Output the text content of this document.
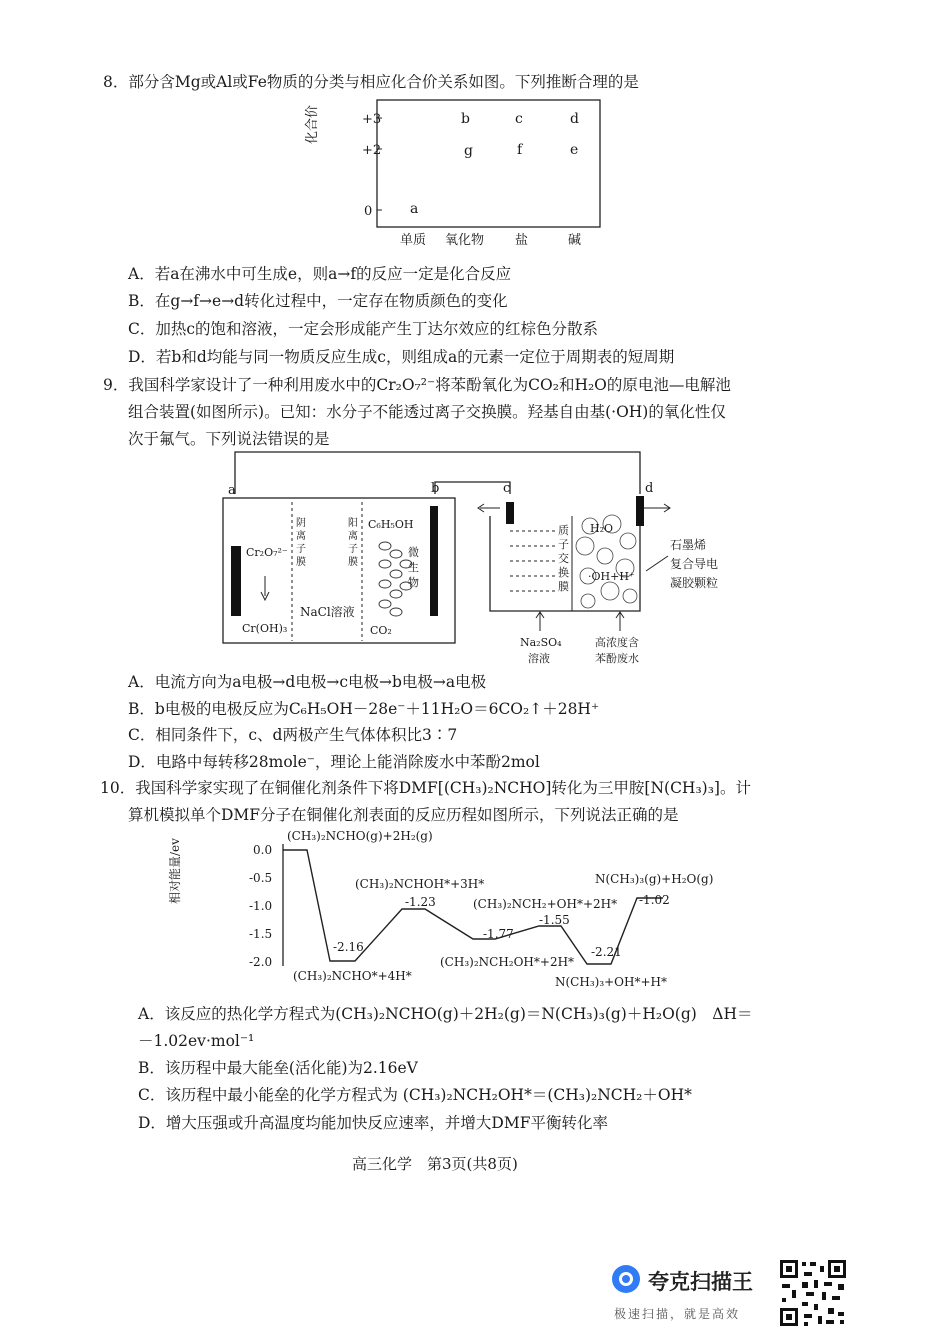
8．部分含Mg或Al或Fe物质的分类与相应化合价关系如图。下列推断合理的是
化合价	+3
+2
0	a
b	c	d
g	f	e
单质 氧化物 盐	碱
A．若a在沸水中可生成e，则a→f的反应一定是化合反应
B．在g→f→e→d转化过程中，一定存在物质颜色的变化
C．加热c的饱和溶液，一定会形成能产生丁达尔效应的红棕色分散系
D．若b和d均能与同一物质反应生成c，则组成a的元素一定位于周期表的短周期
9．我国科学家设计了一种利用废水中的Cr₂O₇²⁻将苯酚氧化为CO₂和H₂O的原电池—电解池
组合装置(如图所示)。已知：水分子不能透过离子交换膜。羟基自由基(·OH)的氧化性仅
次于氟气。下列说法错误的是
a	b	c	d
Cr₂O₇²⁻
Cr(OH)₃
NaCl溶液
C₆H₅OH
微
生
物
CO₂
阴
离
子
膜
阳
离
子
膜
质
子
交
换
膜
H₂O
·OH+H⁺
石墨烯
复合导电
凝胶颗粒
Na₂SO₄
溶液
高浓度含
苯酚废水
A．电流方向为a电极→d电极→c电极→b电极→a电极
B．b电极的电极反应为C₆H₅OH－28e⁻＋11H₂O＝6CO₂↑＋28H⁺
C．相同条件下，c、d两极产生气体体积比3∶7
D．电路中每转移28mole⁻，理论上能消除废水中苯酚2mol
10．我国科学家实现了在铜催化剂条件下将DMF[(CH₃)₂NCHO]转化为三甲胺[N(CH₃)₃]。计
算机模拟单个DMF分子在铜催化剂表面的反应历程如图所示，下列说法正确的是
相对能量/ev	0.0
-0.5
-1.0
-1.5
-2.0
(CH₃)₂NCHO(g)+2H₂(g)
(CH₃)₂NCHOH*+3H*
(CH₃)₂NCH₂+OH*+2H*
N(CH₃)₃(g)+H₂O(g)
-2.16
-1.23
-1.77
-1.55
-2.21
-1.02
(CH₃)₂NCHO*+4H*
(CH₃)₂NCH₂OH*+2H*
N(CH₃)₃+OH*+H*
A．该反应的热化学方程式为(CH₃)₂NCHO(g)＋2H₂(g)＝N(CH₃)₃(g)＋H₂O(g)　ΔH＝
－1.02ev·mol⁻¹
B．该历程中最大能垒(活化能)为2.16eV
C．该历程中最小能垒的化学方程式为 (CH₃)₂NCH₂OH*＝(CH₃)₂NCH₂＋OH*
D．增大压强或升高温度均能加快反应速率，并增大DMF平衡转化率
高三化学　第3页(共8页)
夸克扫描王
极速扫描，就是高效
